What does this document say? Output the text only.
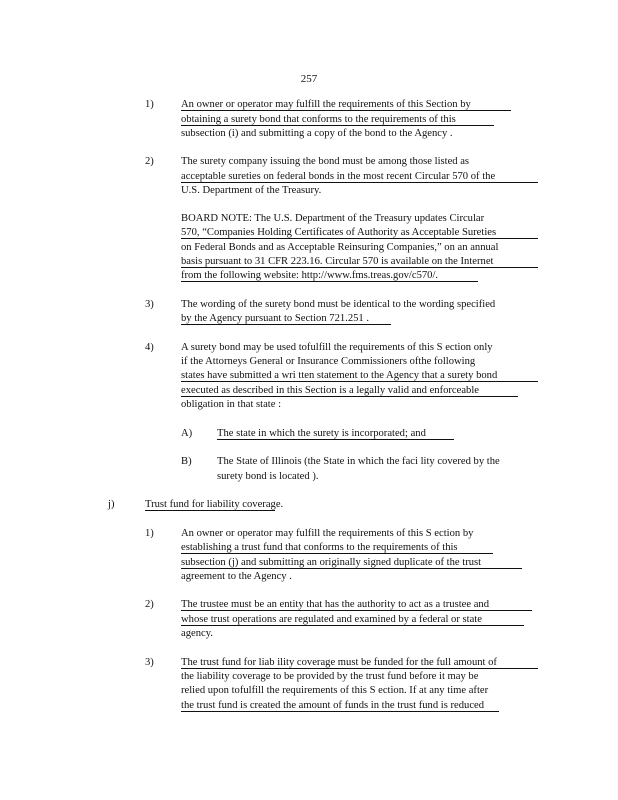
257
1)	An owner or operator may fulfill the requirements of this Section by
obtaining a surety bond that conforms to the requirements of this
subsection (i) and submitting a copy of the bond to the Agency .
2)	The surety company issuing the bond must be among those listed as
acceptable sureties on federal bonds in the most recent Circular 570 of the
U.S. Department of the Treasury.
BOARD NOTE: The U.S. Department of the Treasury updates Circular
570, “Companies Holding Certificates of Authority as Acceptable Sureties
on Federal Bonds and as Acceptable Reinsuring Companies,” on an annual
basis pursuant to 31 CFR 223.16. Circular 570 is available on the Internet
from the following website: http://www.fms.treas.gov/c570/.
3)	The wording of the surety bond must be identical to the wording specified
by the Agency pursuant to Section 721.251 .
4)	A surety bond may be used tofulfill the requirements of this S ection only
if the Attorneys General or Insurance Commissioners ofthe following
states have submitted a wri tten statement to the Agency that a surety bond
executed as described in this Section is a legally valid and enforceable
obligation in that state :
A) The state in which the surety is incorporated; and
B) The State of Illinois (the State in which the faci lity covered by the
surety bond is located ).
j)	Trust fund for liability coverage.
1)	An owner or operator may fulfill the requirements of this S ection by
establishing a trust fund that conforms to the requirements of this
subsection (j) and submitting an originally signed duplicate of the trust
agreement to the Agency .
2)	The trustee must be an entity that has the authority to act as a trustee and
whose trust operations are regulated and examined by a federal or state
agency.
3)	The trust fund for liab ility coverage must be funded for the full amount of
the liability coverage to be provided by the trust fund before it may be
relied upon tofulfill the requirements of this S ection. If at any time after
the trust fund is created the amount of funds in the trust fund is reduced
